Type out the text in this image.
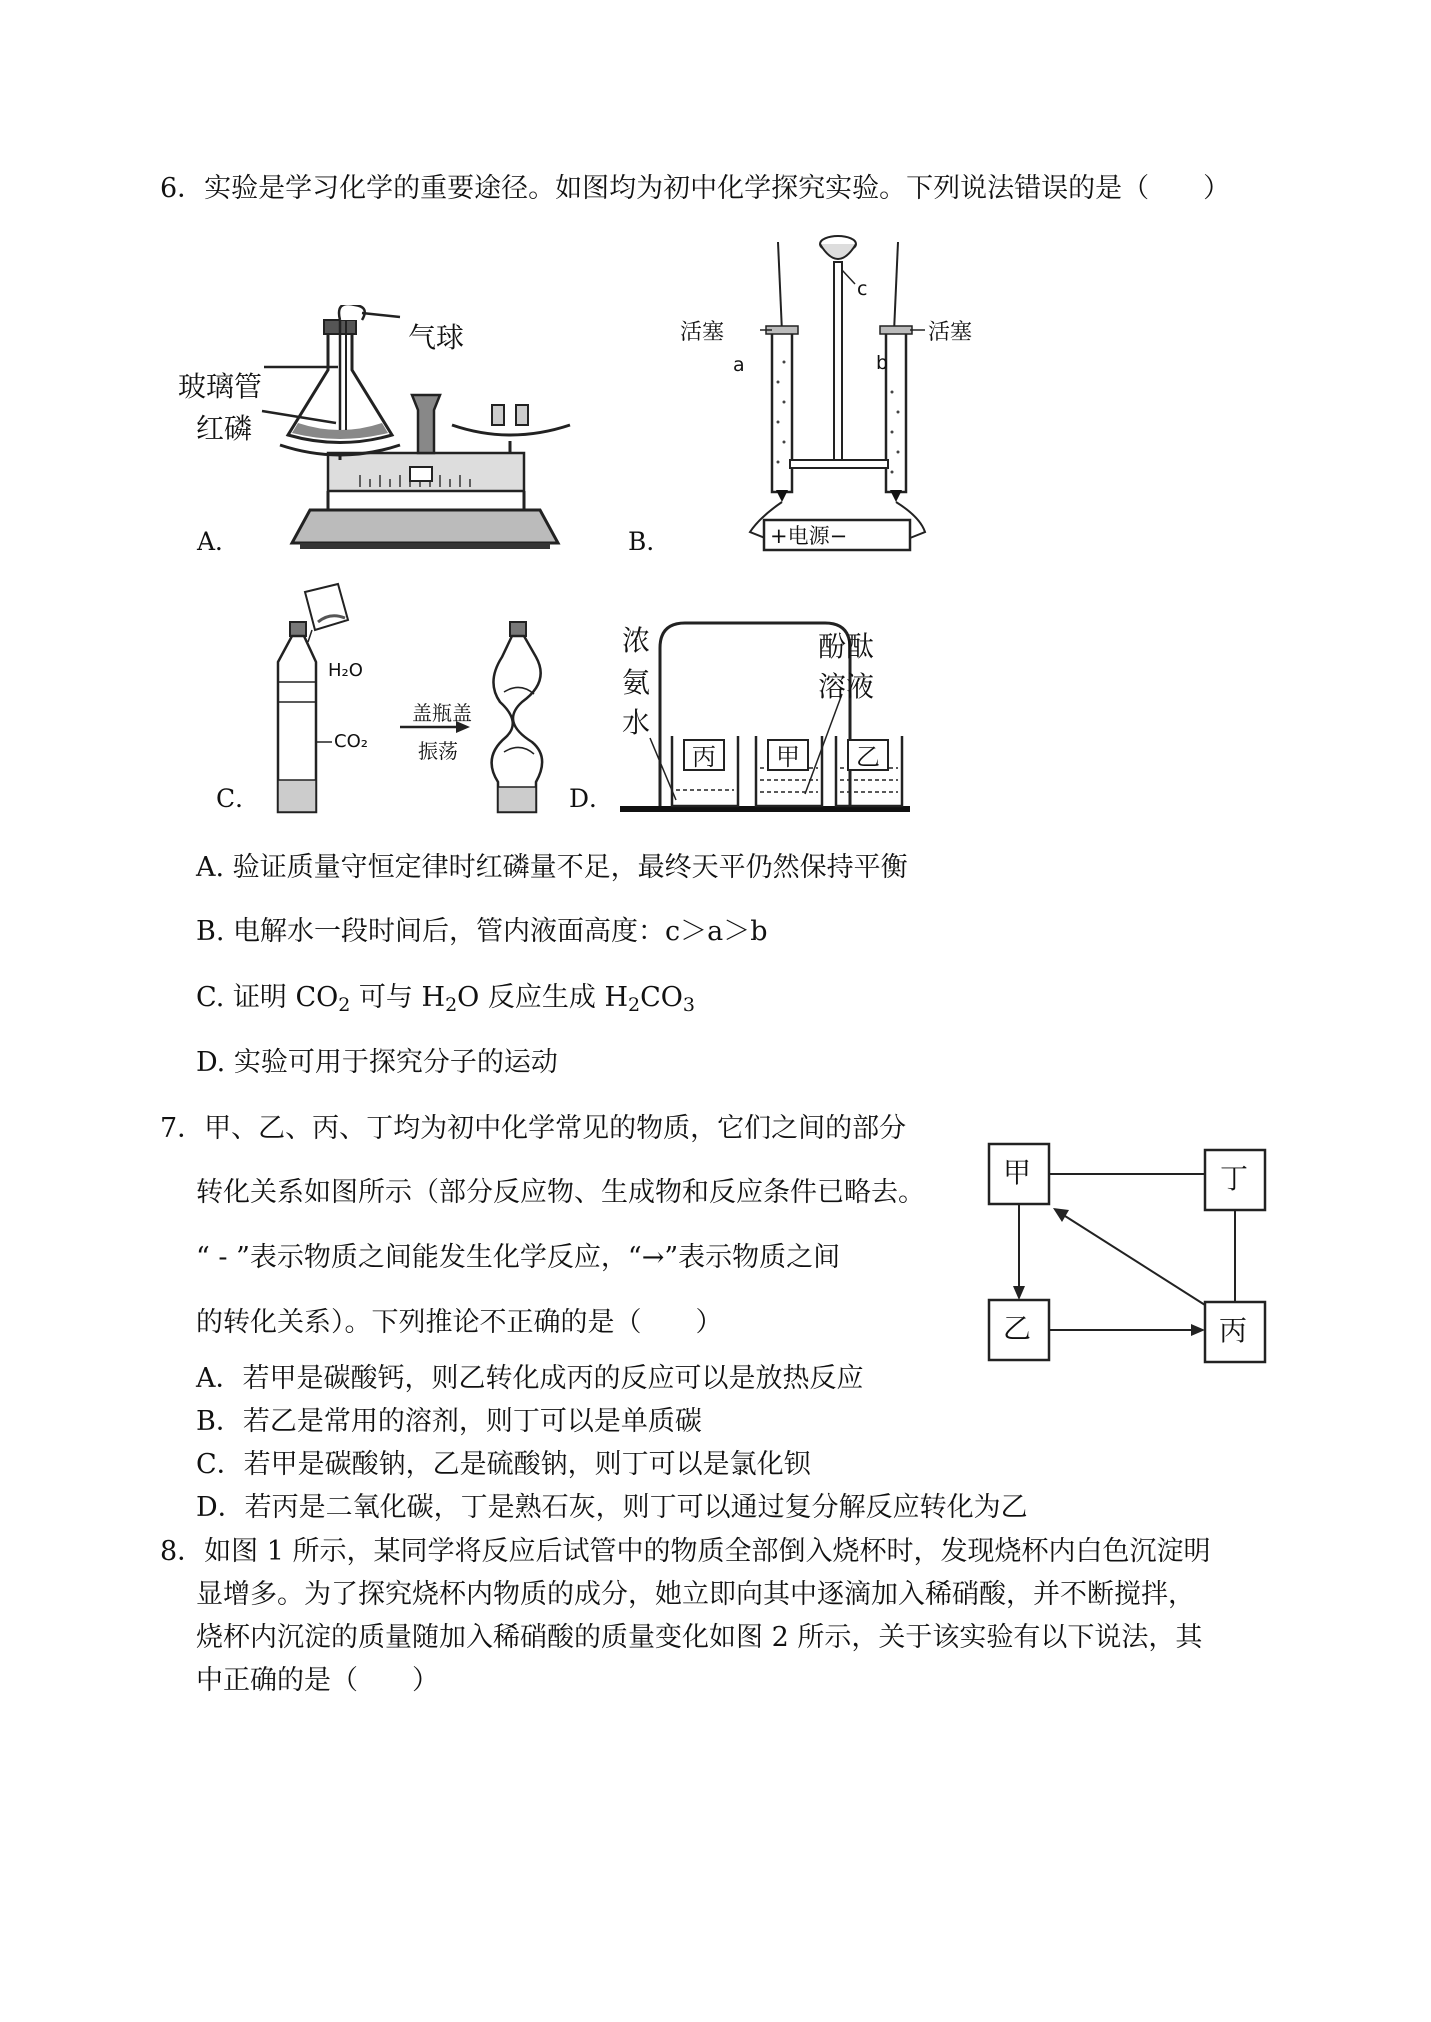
6．实验是学习化学的重要途径。如图均为初中化学探究实验。下列说法错误的是（　　）
气球
玻璃管
红磷
A．
活塞	活塞
a	b
c
+电源−
B．
H₂O
CO₂
盖瓶盖
振荡
C．
浓
氨
水
酚酞
溶液
丙	甲 乙
D．
A. 验证质量守恒定律时红磷量不足，最终天平仍然保持平衡
B. 电解水一段时间后，管内液面高度：c＞a＞b
C. 证明 $CO_2$ 可与 $H_2O$ 反应生成 $H_2CO_3$
D. 实验可用于探究分子的运动
7．甲、乙、丙、丁均为初中化学常见的物质，它们之间的部分
转化关系如图所示（部分反应物、生成物和反应条件已略去。
“ - ”表示物质之间能发生化学反应，“→”表示物质之间
的转化关系）。下列推论不正确的是（　　）
甲	丁
乙	丙
A．若甲是碳酸钙，则乙转化成丙的反应可以是放热反应
B．若乙是常用的溶剂，则丁可以是单质碳
C．若甲是碳酸钠，乙是硫酸钠，则丁可以是氯化钡
D．若丙是二氧化碳，丁是熟石灰，则丁可以通过复分解反应转化为乙
8．如图 1 所示，某同学将反应后试管中的物质全部倒入烧杯时，发现烧杯内白色沉淀明
显增多。为了探究烧杯内物质的成分，她立即向其中逐滴加入稀硝酸，并不断搅拌，
烧杯内沉淀的质量随加入稀硝酸的质量变化如图 2 所示，关于该实验有以下说法，其
中正确的是（　　）
